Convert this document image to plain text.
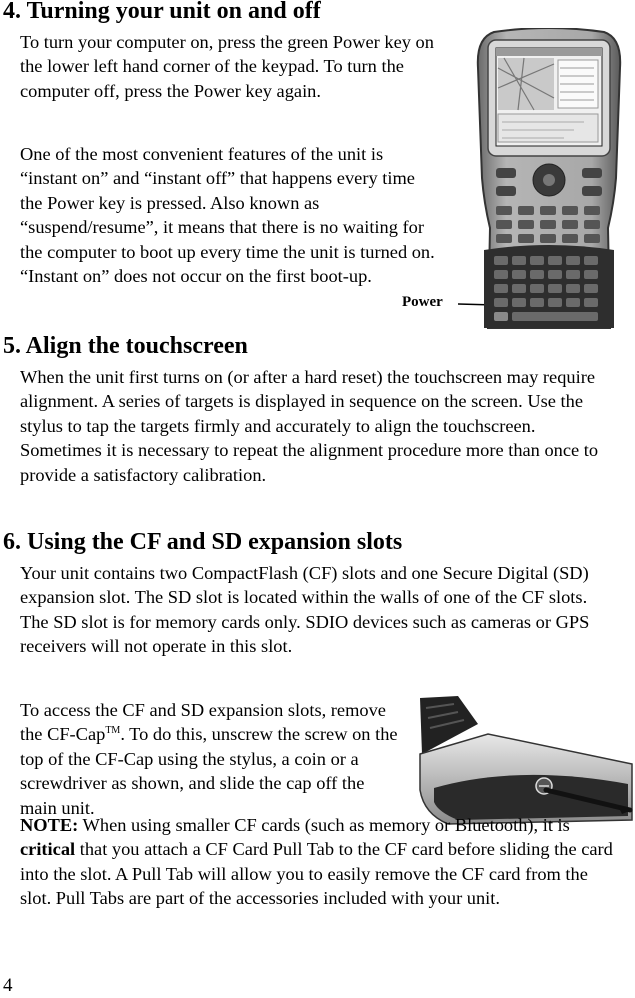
4. Turning your unit on and off

To turn your computer on, press the green Power key on the lower left hand corner of the keypad. To turn the computer off, press the Power key again.

One of the most convenient features of the unit is “instant on” and “instant off” that happens every time the Power key is pressed. Also known as “suspend/resume”, it means that there is no waiting for the computer to boot up every time the unit is turned on. “Instant on” does not occur on the first boot-up.

Power
5. Align the touchscreen

When the unit first turns on (or after a hard reset) the touchscreen may require alignment. A series of targets is displayed in sequence on the screen. Use the stylus to tap the targets firmly and accurately to align the touchscreen. Sometimes it is necessary to repeat the alignment procedure more than once to provide a satisfactory calibration.

6. Using the CF and SD expansion slots

Your unit contains two CompactFlash (CF) slots and one Secure Digital (SD) expansion slot. The SD slot is located within the walls of one of the CF slots. The SD slot is for memory cards only. SDIO devices such as cameras or GPS receivers will not operate in this slot.

To access the CF and SD expansion slots, remove the CF-Cap™. To do this, unscrew the screw on the top of the CF-Cap using the stylus, a coin or a screwdriver as shown, and slide the cap off the main unit.

NOTE: When using smaller CF cards (such as memory or Bluetooth), it is critical that you attach a CF Card Pull Tab to the CF card before sliding the card into the slot. A Pull Tab will allow you to easily remove the CF card from the slot. Pull Tabs are part of the accessories included with your unit.

4
